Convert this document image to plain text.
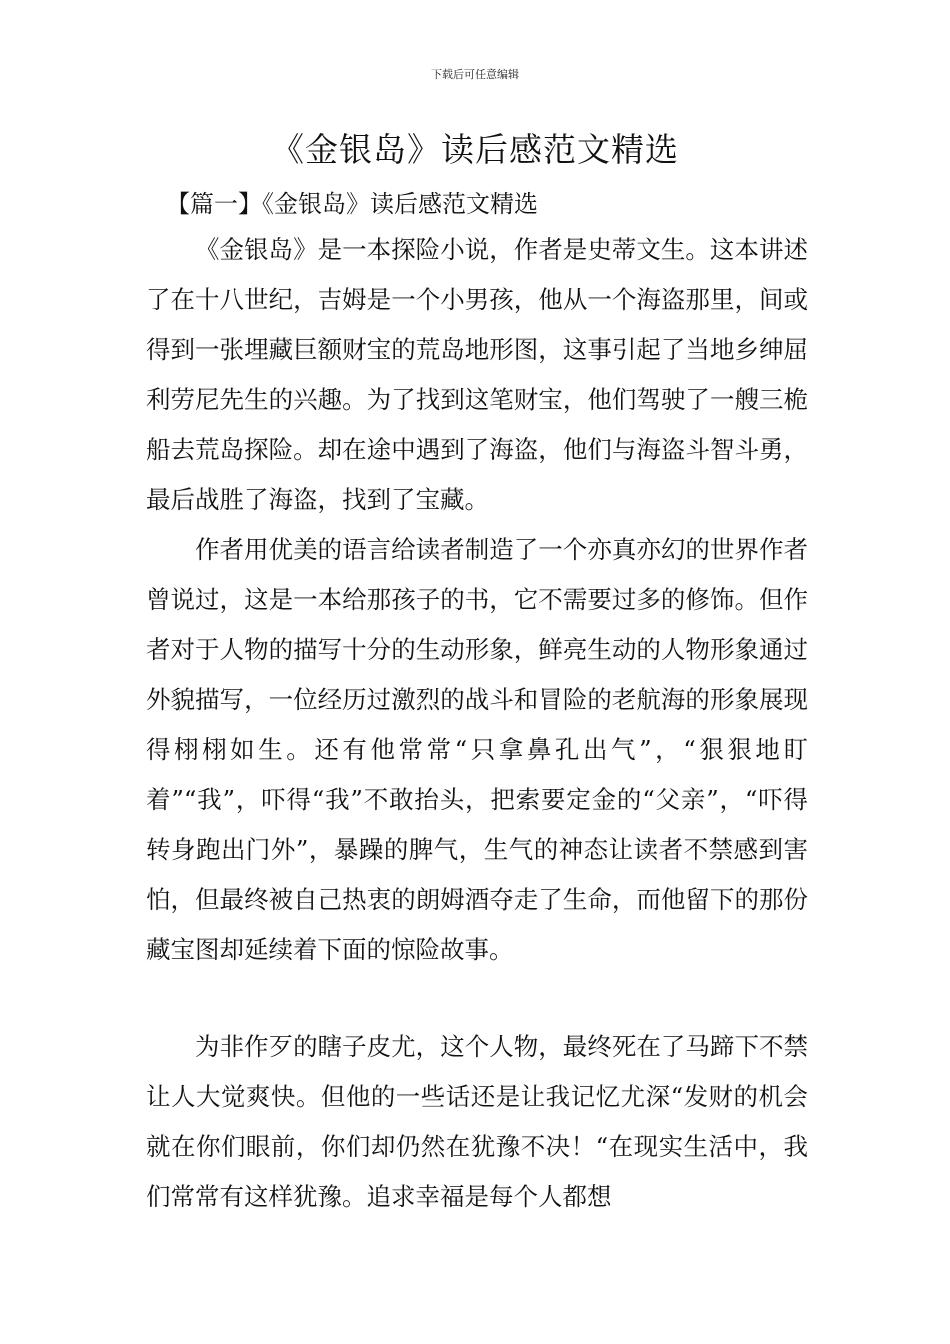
下载后可任意编辑
《金银岛》读后感范文精选
【篇一】《金银岛》读后感范文精选

《金银岛》是一本探险小说，作者是史蒂文生。这本讲述了在十八世纪，吉姆是一个小男孩，他从一个海盗那里，间或得到一张埋藏巨额财宝的荒岛地形图，这事引起了当地乡绅屈利劳尼先生的兴趣。为了找到这笔财宝，他们驾驶了一艘三桅船去荒岛探险。却在途中遇到了海盗，他们与海盗斗智斗勇，最后战胜了海盗，找到了宝藏。

作者用优美的语言给读者制造了一个亦真亦幻的世界作者曾说过，这是一本给那孩子的书，它不需要过多的修饰。但作者对于人物的描写十分的生动形象，鲜亮生动的人物形象通过外貌描写，一位经历过激烈的战斗和冒险的老航海的形象展现得栩栩如生。还有他常常“只拿鼻孔出气”，“狠狠地盯着”“我”，吓得“我”不敢抬头，把索要定金的“父亲”，“吓得转身跑出门外”，暴躁的脾气，生气的神态让读者不禁感到害怕，但最终被自己热衷的朗姆酒夺走了生命，而他留下的那份藏宝图却延续着下面的惊险故事。

为非作歹的瞎子皮尤，这个人物，最终死在了马蹄下不禁让人大觉爽快。但他的一些话还是让我记忆尤深“发财的机会就在你们眼前，你们却仍然在犹豫不决！“在现实生活中，我们常常有这样犹豫。追求幸福是每个人都想
